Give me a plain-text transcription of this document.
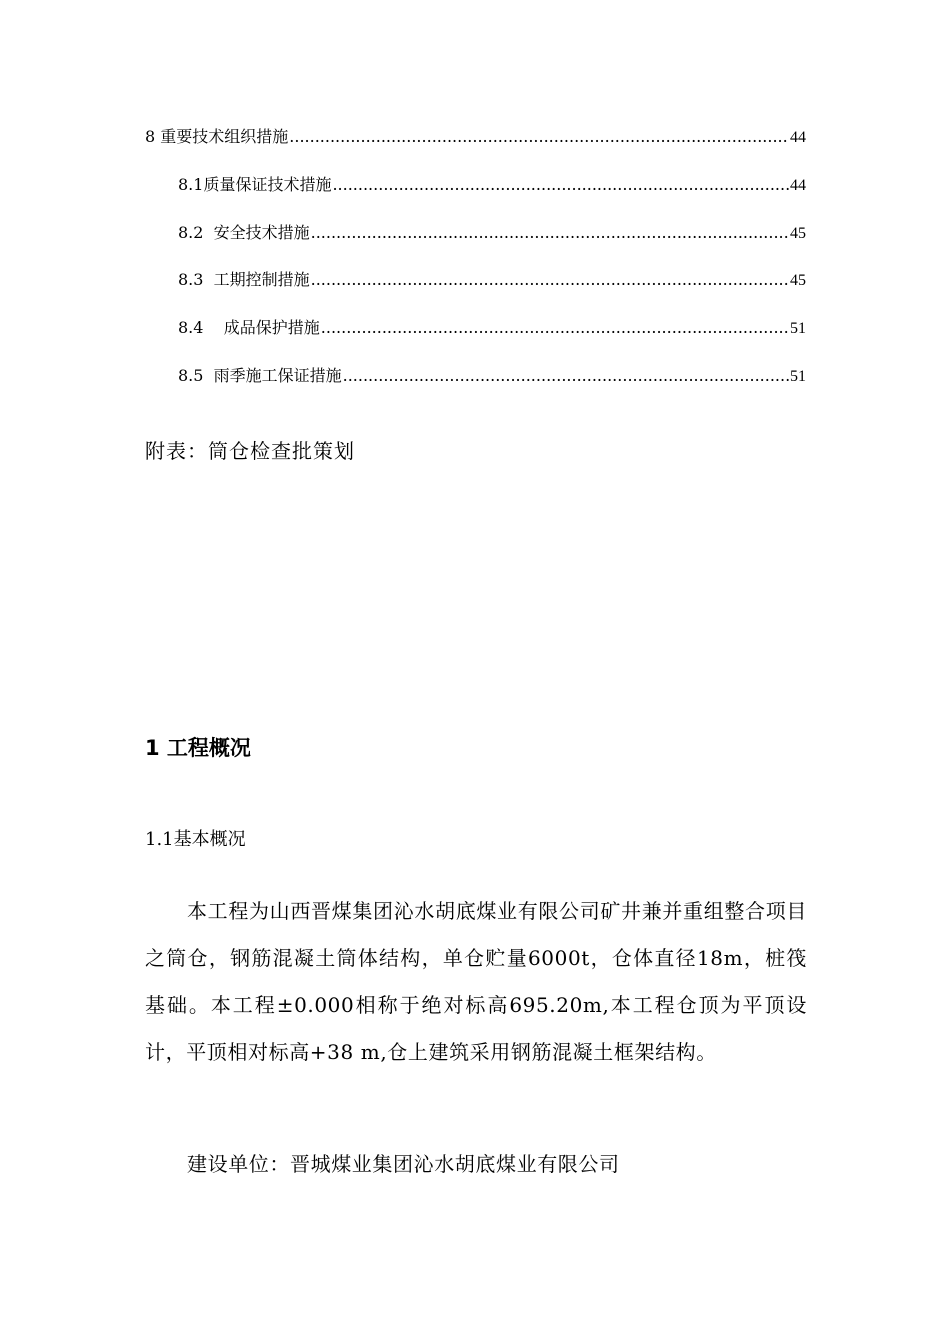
8 重要技术组织措施 .....	44
8.1质量保证技术措施 .....	44
8.2  安全技术措施 .....	45
8.3  工期控制措施 .....	45
8.4    成品保护措施 .....	51
8.5  雨季施工保证措施 .....	51
附表：筒仓检查批策划
1 工程概况
1.1基本概况
本工程为山西晋煤集团沁水胡底煤业有限公司矿井兼并重组整合项目之筒仓，钢筋混凝土筒体结构，单仓贮量6000t，仓体直径18m，桩筏基础。本工程±0.000相称于绝对标高695.20m,本工程仓顶为平顶设计，平顶相对标高+38 m,仓上建筑采用钢筋混凝土框架结构。
建设单位：晋城煤业集团沁水胡底煤业有限公司
